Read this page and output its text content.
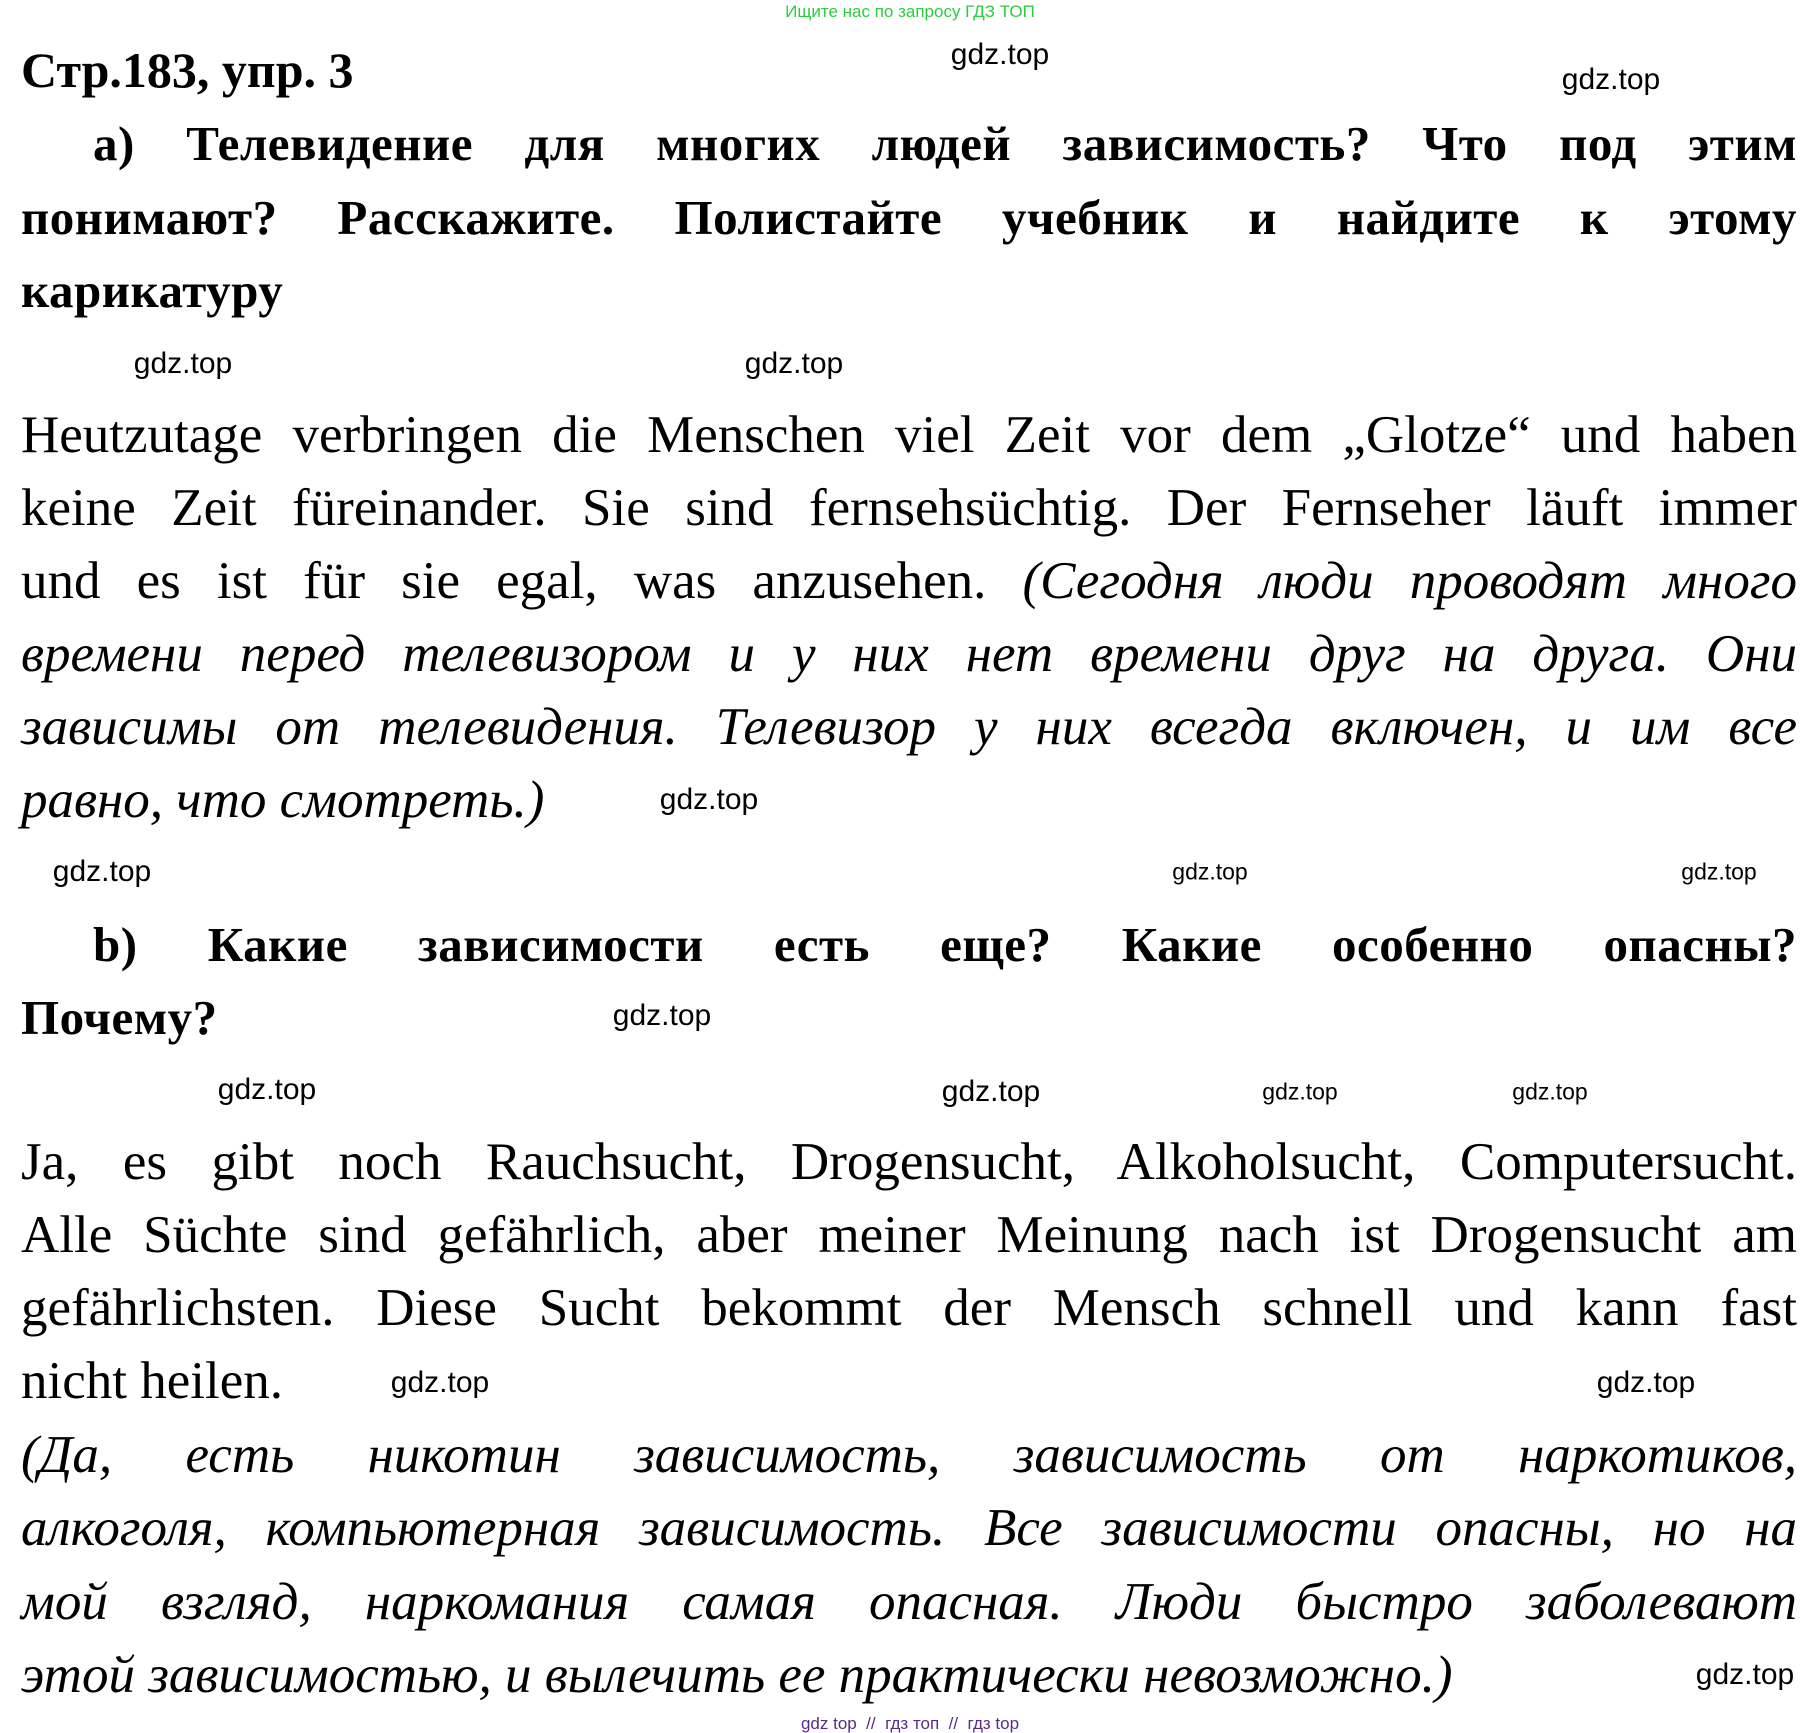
Ищите нас по запросу ГДЗ ТОП
Стр.183, упр. 3
a) Телевидение для многих людей зависимость? Что под этим
понимают? Расскажите. Полистайте учебник и найдите к этому
карикатуру
Heutzutage verbringen die Menschen viel Zeit vor dem „Glotze“ und haben
keine Zeit füreinander. Sie sind fernsehsüchtig. Der Fernseher läuft immer
und es ist für sie egal, was anzusehen. (Сегодня люди проводят много
времени перед телевизором и у них нет времени друг на друга. Они
зависимы от телевидения. Телевизор у них всегда включен, и им все
равно, что смотреть.)
b) Какие зависимости есть еще? Какие особенно опасны?
Почему?
Ja, es gibt noch Rauchsucht, Drogensucht, Alkoholsucht, Computersucht.
Alle Süchte sind gefährlich, aber meiner Meinung nach ist Drogensucht am
gefährlichsten. Diese Sucht bekommt der Mensch schnell und kann fast
nicht heilen.
(Да, есть никотин зависимость, зависимость от наркотиков,
алкоголя, компьютерная зависимость. Все зависимости опасны, но на
мой взгляд, наркомания самая опасная. Люди быстро заболевают
этой зависимостью, и вылечить ее практически невозможно.)
gdz.top
gdz.top
gdz.top
gdz.top
gdz.top
gdz.top
gdz.top
gdz.top
gdz.top
gdz.top	gdz.top
gdz.top
gdz.top
gdz.top	gdz.top
gdz.top
gdz top  //  гдз топ  //  гдз top
